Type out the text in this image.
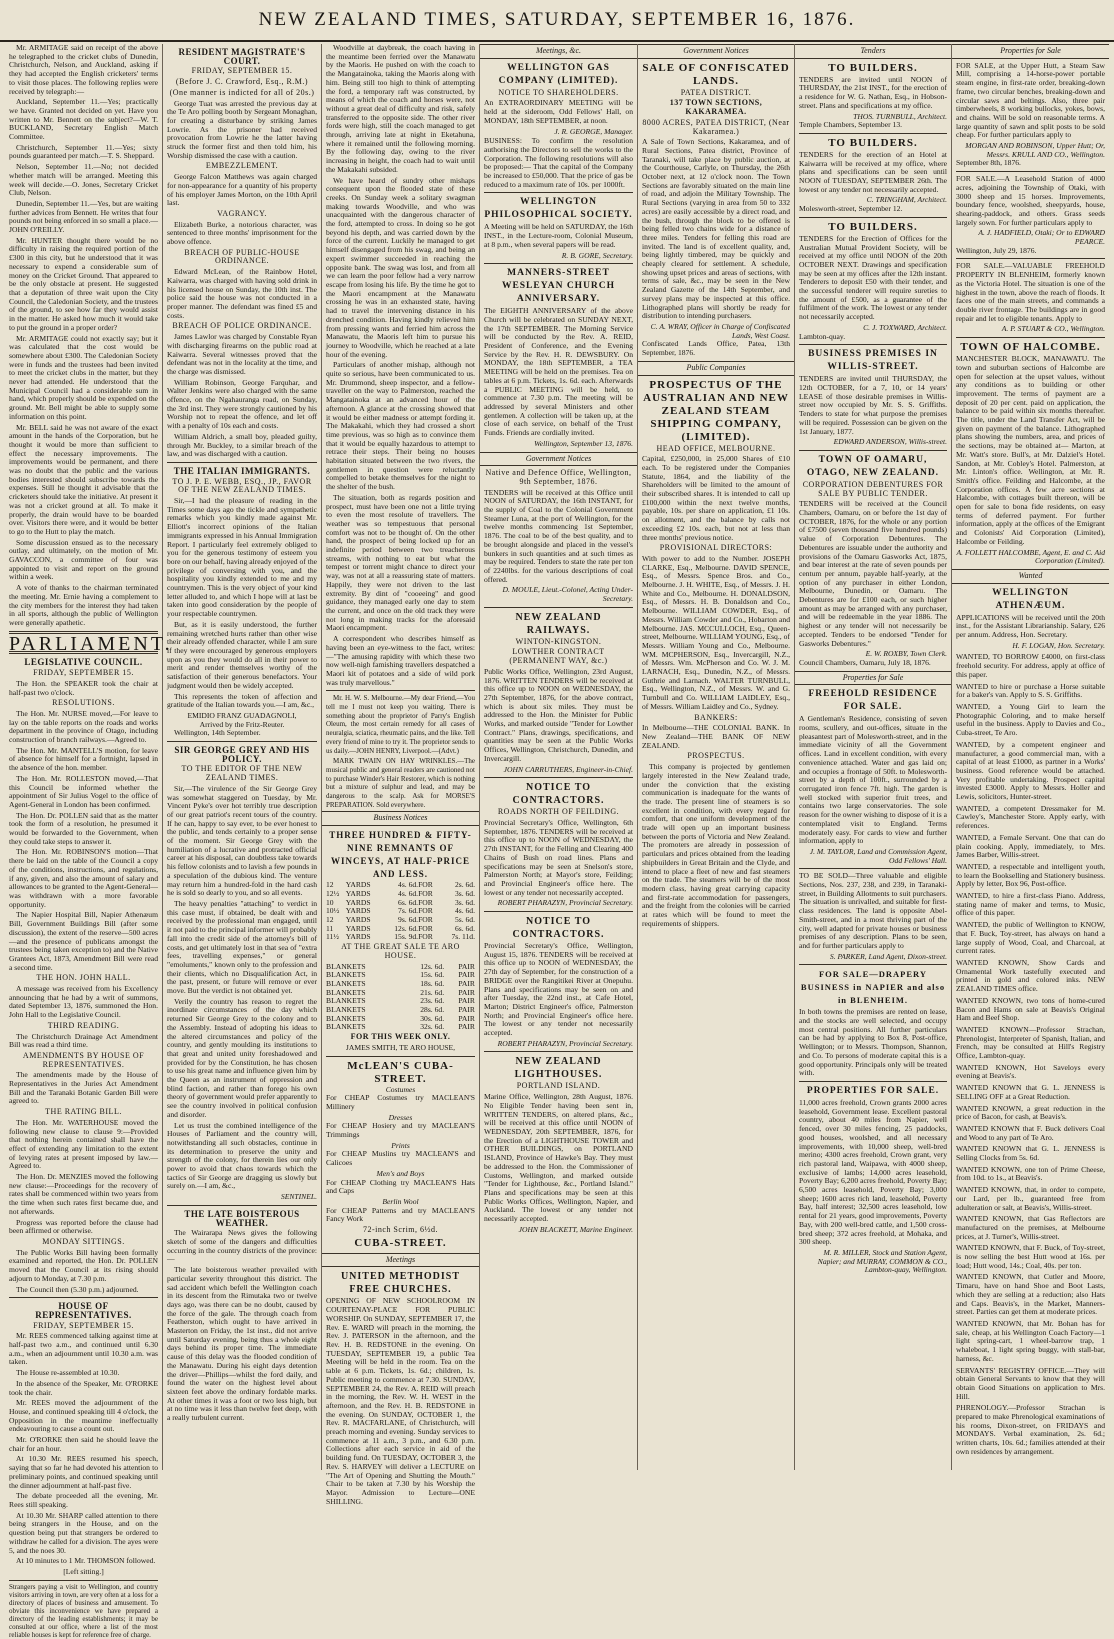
NEW ZEALAND TIMES, SATURDAY, SEPTEMBER 16, 1876.

Mr. ARMITAGE said on receipt of the above he telegraphed to the cricket clubs of Dunedin, Christchurch, Nelson, and Auckland, asking if they had accepted the English cricketers' terms to visit those places. The following replies were received by telegraph:—

Auckland, September 11.—Yes; practically we have. Granted not decided on yet. Have you written to Mr. Bennett on the subject?—W. T. BUCKLAND, Secretary English Match Committee.

Christchurch, September 11.—Yes; sixty pounds guaranteed per match.—T. S. Sheppard.

Nelson, September 11.—No; not decided whether match will be arranged. Meeting this week will decide.—O. Jones, Secretary Cricket Club, Nelson.

Dunedin, September 11.—Yes, but are waiting further advices from Bennett. He writes that four pounds not being enforced in so small a place.—JOHN O'REILLY.

Mr. HUNTER thought there would be no difficulty in raising the required portion of the £300 in this city, but he understood that it was necessary to expend a considerable sum of money on the Cricket Ground. That appeared to be the only obstacle at present. He suggested that a deputation of three wait upon the City Council, the Caledonian Society, and the trustees of the ground, to see how far they would assist in the matter. He asked how much it would take to put the ground in a proper order?

Mr. ARMITAGE could not exactly say; but it was calculated that the cost would be somewhere about £300. The Caledonian Society were in funds and the trustees had been invited to meet the cricket clubs in the matter, but they never had attended. He understood that the Municipal Council had a considerable sum in hand, which properly should be expended on the ground. Mr. Bell might be able to supply some information on this point.

Mr. BELL said he was not aware of the exact amount in the hands of the Corporation, but he thought it would be more than sufficient to effect the necessary improvements. The improvements would be permanent, and there was no doubt that the public and the various bodies interested should subscribe towards the expenses. Still he thought it advisable that the cricketers should take the initiative. At present it was not a cricket ground at all. To make it properly, the drain would have to be boarded over. Visitors there were, and it would be better to go to the Hutt to play the match.

Some discussion ensued as to the necessary outlay, and ultimately, on the motion of Mr. GAVACCON, a committee of four was appointed to visit and report on the ground within a week.

A vote of thanks to the chairman terminated the meeting. Mr. Ernie having a complement to the city members for the interest they had taken in all sports, although the public of Wellington were generally apathetic.

PARLIAMENT.
LEGISLATIVE COUNCIL.
FRIDAY, SEPTEMBER 15.

The Hon. the SPEAKER took the chair at half-past two o'clock.

RESOLUTIONS.

The Hon. Mr. NURSE moved,—For leave to lay on the table reports on the roads and works department in the province of Otago, including construction of branch railways.—Agreed to.

The Hon. Mr. MANTELL'S motion, for leave of absence for himself for a fortnight, lapsed in the absence of the hon. member.

The Hon. Mr. ROLLESTON moved,—That this Council be informed whether the appointment of Sir Julius Vogel to the office of Agent-General in London has been confirmed.

The Hon. Dr. POLLEN said that as the matter took the form of a resolution, he presumed it would be forwarded to the Government, when they could take steps to answer it.

The Hon. Mr. ROBINSON'S motion—That there be laid on the table of the Council a copy of the conditions, instructions, and regulations, if any, given, and also the amount of salary and allowances to be granted to the Agent-General—was withdrawn with a more favorable opportunity.

The Napier Hospital Bill, Napier Athenæum Bill, Government Buildings Bill (after some discussion), the extent of the reserve—500 acres—and the presence of publicans amongst the trustees being taken exception to) and the Native Grantees Act, 1873, Amendment Bill were read a second time.

THE HON. JOHN HALL.

A message was received from his Excellency announcing that he had by a writ of summons, dated September 13, 1876, summoned the Hon. John Hall to the Legislative Council.

THIRD READING.

The Christchurch Drainage Act Amendment Bill was read a third time.

AMENDMENTS BY HOUSE OF REPRESENTATIVES.

The amendments made by the House of Representatives in the Juries Act Amendment Bill and the Taranaki Botanic Garden Bill were agreed to.

THE RATING BILL.

The Hon. Mr. WATERHOUSE moved the following new clause to clause 9:—Provided that nothing herein contained shall have the effect of extending any limitation to the extent of levying rates at present imposed by law.—Agreed to.

The Hon. Dr. MENZIES moved the following new clause:—Proceedings for the recovery of rates shall be commenced within two years from the time when such rates first became due, and not afterwards.

Progress was reported before the clause had been affirmed or otherwise.

MONDAY SITTINGS.

The Public Works Bill having been formally examined and reported, the Hon. Dr. POLLEN moved that the Council at its rising should adjourn to Monday, at 7.30 p.m.

The Council then (5.30 p.m.) adjourned.

HOUSE OF REPRESENTATIVES.
FRIDAY, SEPTEMBER 15.

Mr. REES commenced talking against time at half-past two a.m., and continued until 6.30 a.m., when an adjournment until 10.30 a.m. was taken.

The House re-assembled at 10.30.

In the absence of the Speaker, Mr. O'RORKE took the chair.

Mr. REES moved the adjournment of the House, and continued speaking till 4 o'clock, the Opposition in the meantime ineffectually endeavouring to cause a count out.

Mr. O'RORKE then said he should leave the chair for an hour.

At 10.30 Mr. REES resumed his speech, saying that so far he had devoted his attention to preliminary points, and continued speaking until the dinner adjournment at half-past five.

The debate proceeded all the evening, Mr. Rees still speaking.

At 10.30 Mr. SHARP called attention to there being strangers in the House, and on the question being put that strangers be ordered to withdraw he called for a division. The ayes were 5, and the noes 30.

At 10 minutes to 1 Mr. THOMSON followed.

[Left sitting.]
Strangers paying a visit to Wellington, and country visitors arriving in town, are very often at a loss for a directory of places of business and amusement. To obviate this inconvenience we have prepared a directory of the leading establishments; it may be consulted at our office, where a list of the most reliable houses is kept for reference free of charge.
RESIDENT MAGISTRATE'S COURT.
FRIDAY, SEPTEMBER 15.
(Before J. C. Crawford, Esq., R.M.)
(One manner is indicted for all of 20s.)

George Tuat was arrested the previous day at the Te Aro polling booth by Sergeant Monaghan, for creating a disturbance by striking James Lowrie. As the prisoner had received provocation from Lowrie he the latter having struck the former first and then told him, his Worship dismissed the case with a caution.

EMBEZZLEMENT.

George Falcon Matthews was again charged for non-appearance for a quantity of his property of his employer James Morton, on the 10th April last.

VAGRANCY.

Elizabeth Burke, a notorious character, was sentenced to three months' imprisonment for the above offence.

BREACH OF PUBLIC-HOUSE ORDINANCE.

Edward McLean, of the Rainbow Hotel, Kaiwarra, was charged with having sold drink in his licensed house on Sunday, the 10th inst. The police said the house was not conducted in a proper manner. The defendant was fined £5 and costs.

BREACH OF POLICE ORDINANCE.

James Lawlor was charged by Constable Ryan with discharging firearms on the public road at Kaiwarra. Several witnesses proved that the defendant was not in the locality at the time, and the charge was dismissed.

William Robinson, George Farquhar, and Walter Jenkins were also charged with the same offence, on the Ngahauranga road, on Sunday, the 3rd inst. They were strongly cautioned by his Worship not to repeat the offence, and let off with a penalty of 10s each and costs.

William Aldrich, a small boy, pleaded guilty, through Mr. Buckley, to a similar breach of the law, and was discharged with a caution.

THE ITALIAN IMMIGRANTS.
TO J. P. E. WEBB, ESQ., JP., FAVOR OF THE NEW ZEALAND TIMES.

Sir,—I had the pleasure of reading in the Times some days ago the tickle and sympathetic remarks which you kindly made against Mr. Elliott's incorrect opinions of the Italian immigrants expressed in his Annual Immigration Report. I particularly feel extremely obliged to you for the generous testimony of esteem you bore on our behalf, having already enjoyed of the privilege of conversing with you, and the hospitality you kindly extended to me and my countrymen. This is the very object of your kind letter alluded to, and which I hope will at last be taken into good consideration by the people of your respectable countrymen.

But, as it is easily understood, the further remaining wretched hurts rather than other wise their already offended character, while I am sure if they were encouraged by generous employers upon as you they would do all in their power to merit and render themselves worthy of the satisfaction of their generous benefactors. Your judgment would then be widely accepted.

This represents the token of affection and gratitude of the Italian towards you.—I am, &c.,

EMIDIO FRANZ GUADAGNOLI,
Arrived by the Fritz-Reuter.

Wellington, 14th September.

SIR GEORGE GREY AND HIS POLICY.
TO THE EDITOR OF THE NEW ZEALAND TIMES.

Sir,—The virulence of the Sir George Grey was somewhat staggered on Tuesday, by Mr. Vincent Pyke's over hot terribly true description of our great patriot's recent tours of the country. If he can, happy to say ever, to be ever honest to the public, and tends certainly to a proper sense of the moment. Sir George Grey with the humiliation of a lucrative and protracted official career at his disposal, can doubtless take towards his fellow colonists and to lavish a few pounds in a speculation of the dubious kind. The venture may return him a hundred-fold in the hard cash he is sold so dearly to you, and so all events.

The heavy penalties "attaching" to verdict in this case must, if obtained, be dealt with and received by the professional man engaged, until it not paid to the principal informer will probably fall into the credit side of the attorney's bill of costs, and get ultimately lost in that sea of "extra fees, travelling expenses," or general "emoluments," known only to the profession and their clients, which no Disqualification Act, in the past, present, or future will remove or ever move. But the verdict is not obtained yet.

Verily the country has reason to regret the inordinate circumstances of the day which returned Sir George Grey to the colony and to the Assembly. Instead of adopting his ideas to the altered circumstances and policy of the country, and gently moulding its institutions to that great and united unity foreshadowed and provided for by the Constitution, he has chosen to use his great name and influence given him by the Queen as an instrument of oppression and blind faction, and rather than forego his own theory of government would prefer apparently to see the country involved in political confusion and disorder.

Let us trust the combined intelligence of the Houses of Parliament and the country will, notwithstanding all such obstacles, continue in its determination to preserve the unity and strength of the colony, for therein lies our only power to avoid that chaos towards which the tactics of Sir George are dragging us slowly but surely on.—I am, &c.,

SENTINEL.
THE LATE BOISTEROUS WEATHER.

The Wairarapa News gives the following sketch of some of the dangers and difficulties occurring in the country districts of the province:—

The late boisterous weather prevailed with particular severity throughout this district. The sad accident which befell the Wellington coach in its descent from the Rimutaka two or twelve days ago, was there can be no doubt, caused by the force of the gale. The through coach from Featherston, which ought to have arrived in Masterton on Friday, the 1st inst., did not arrive until Saturday evening, being thus a whole eight days behind its proper time. The immediate cause of this delay was the flooded condition of the Manawatu. During his eight days detention the driver—Phillips—whilst the ford daily, and found the water on the highest level about sixteen feet above the ordinary fordable marks. At other times it was a foot or two less high, but at no time was it less than twelve feet deep, with a really turbulent current.

Woodville at daybreak, the coach having in the meantime been ferried over the Manawatu by the Maoris. He pushed on with the coach to the Mangatainoka, taking the Maoris along with him. Being still too high to think of attempting the ford, a temporary raft was constructed, by means of which the coach and horses were, not without a great deal of difficulty and risk, safely transferred to the opposite side. The other river fords were high, still the coach managed to get through, arriving late at night in Eketahuna, where it remained until the following morning. By the following day, owing to the river increasing in height, the coach had to wait until the Makakahi subsided.

We have heard of sundry other mishaps consequent upon the flooded state of these creeks. On Sunday week a solitary swagman making towards Woodville, and who was unacquainted with the dangerous character of the ford, attempted to cross. In doing so he got beyond his depth, and was carried down by the force of the current. Luckily he managed to get himself disengaged from his swag, and being an expert swimmer succeeded in reaching the opposite bank. The swag was lost, and from all we can learn the poor fellow had a very narrow escape from losing his life. By the time he got to the Maori encampment at the Manawatu crossing he was in an exhausted state, having had to travel the intervening distance in his drenched condition. Having kindly relieved him from pressing wants and ferried him across the Manawatu, the Maoris left him to pursue his journey to Woodville, which he reached at a late hour of the evening.

Particulars of another mishap, although not quite so serious, have been communicated to us. Mr. Drummond, sheep inspector, and a fellow-traveller on the way to Palmerston, reached the Mangatainoka at an advanced hour of the afternoon. A glance at the crossing showed that it would be either madness or attempt fording it. The Makakahi, which they had crossed a short time previous, was so high as to convince them that it would be equally hazardous to attempt to retrace their steps. Their being no houses habitation situated between the two rivers, the gentlemen in question were reluctantly compelled to betake themselves for the night to the shelter of the bush.

The situation, both as regards position and prospect, must have been one not a little trying to even the most resolute of travellers. The weather was so tempestuous that personal comfort was not to be thought of. On the other hand, the prospect of being locked up for an indefinite period between two treacherous streams, with nothing to eat but what the tempest or torrent might chance to direct your way, was not at all a reassuring state of matters. Happily, they were not driven to the last extremity. By dint of "cooeeing" and good guidance, they managed early one day to stem the current, and once on the old track they were not long in making tracks for the aforesaid Maori encampment.

A correspondent who describes himself as having been an eye-witness to the fact, writes:—"The amusing rapidity with which these two now well-nigh famishing travellers despatched a Maori kit of potatoes and a side of wild pork was truly marvellous."

Mr. H. W. S. Melbourne.—My dear Friend,—You tell me I must not keep you waiting. There is something about the proprietor of Parry's English Oleum, the most certain remedy for all cases of neuralgia, sciatica, rheumatic pains, and the like. Tell every friend of mine to try it. The proprietor sends to us daily.—JOHN HENRY, Liverpool.—(Advt.)

MARK TWAIN ON HAY WRINKLES.—The musical public and general readers are cautioned not to purchase Winder's Hair Restorer, which is nothing but a mixture of sulphur and lead, and may be dangerous to the scalp. Ask for MORSE'S PREPARATION. Sold everywhere.

Business Notices
THREE HUNDRED & FIFTY-NINE REMNANTS OF WINCEYS, AT HALF-PRICE AND LESS.
12	YARDS	4s. 6d.	FOR	2s. 6d.
12½	YARDS	4s. 6d.	FOR	3s. 6d.
10	YARDS	6s. 6d.	FOR	3s. 6d.
10½	YARDS	7s. 6d.	FOR	4s. 6d.
12	YARDS	9s. 6d.	FOR	5s. 6d.
11	YARDS	12s. 6d.	FOR	6s. 6d.
11½	YARDS	15s. 9d.	FOR	7s. 11d.
AT THE GREAT SALE TE ARO HOUSE.
BLANKETS	12s. 6d.	PAIR
BLANKETS	15s. 6d.	PAIR
BLANKETS	18s. 6d.	PAIR
BLANKETS	21s. 6d.	PAIR
BLANKETS	23s. 6d.	PAIR
BLANKETS	28s. 6d.	PAIR
BLANKETS	30s. 6d.	PAIR
BLANKETS	32s. 6d.	PAIR
FOR THIS WEEK ONLY.
JAMES SMITH, TE ARO HOUSE,
McLEAN'S CUBA-STREET.
Costumes
For CHEAP Costumes try MACLEAN'S Millinery
Dresses
For CHEAP Hosiery and try MACLEAN'S Trimmings
Prints
For CHEAP Muslins try MACLEAN'S and Calicoes
Men's and Boys
For CHEAP Clothing try MACLEAN'S Hats and Caps
Berlin Wool
For CHEAP Patterns and try MACLEAN'S Fancy Work
72-inch Scrim, 6½d.
CUBA-STREET.
Meetings
UNITED METHODIST FREE CHURCHES.

OPENING OF NEW SCHOOLROOM IN COURTENAY-PLACE FOR PUBLIC WORSHIP. On SUNDAY, SEPTEMBER 17, the Rev. E. WARD will preach in the morning, the Rev. J. PATERSON in the afternoon, and the Rev. H. B. REDSTONE in the evening. On TUESDAY, SEPTEMBER 19, a public Tea Meeting will be held in the room. Tea on the table at 6 p.m. Tickets, 1s. 6d.; children, 1s. Public meeting to commence at 7.30. SUNDAY, SEPTEMBER 24, the Rev. A. REID will preach in the morning, the Rev. W. H. WEST in the afternoon, and the Rev. H. B. REDSTONE in the evening. On SUNDAY, OCTOBER 1, the Rev. R. MACFARLANE, of Christchurch, will preach morning and evening. Sunday services to commence at 11 a.m., 3 p.m., and 6.30 p.m. Collections after each service in aid of the building fund. On TUESDAY, OCTOBER 3, the Rev. S. HARVEY will deliver a LECTURE on "The Art of Opening and Shutting the Mouth." Chair to be taken at 7.30 by his Worship the Mayor. Admission to Lecture—ONE SHILLING.

Meetings, &c.
WELLINGTON GAS COMPANY (LIMITED).
NOTICE TO SHAREHOLDERS.

An EXTRAORDINARY MEETING will be held at the sideroom, Odd Fellows' Hall, on MONDAY, 18th SEPTEMBER, at noon.

J. R. GEORGE, Manager.

BUSINESS: To confirm the resolution authorising the Directors to sell the works to the Corporation. The following resolutions will also be proposed:— That the capital of the Company be increased to £50,000. That the price of gas be reduced to a maximum rate of 10s. per 1000ft.

WELLINGTON PHILOSOPHICAL SOCIETY.

A Meeting will be held on SATURDAY, the 16th INST., in the Lecture-room, Colonial Museum, at 8 p.m., when several papers will be read.

R. B. GORE, Secretary.
MANNERS-STREET WESLEYAN CHURCH ANNIVERSARY.

The EIGHTH ANNIVERSARY of the above Church will be celebrated on SUNDAY NEXT, the 17th SEPTEMBER. The Morning Service will be conducted by the Rev. A. REID, President of Conference, and the Evening Service by the Rev. H. R. DEWSBURY. On MONDAY, the 18th SEPTEMBER, a TEA MEETING will be held on the premises. Tea on tables at 6 p.m. Tickets, 1s. 6d. each. Afterwards a PUBLIC MEETING will be held, to commence at 7.30 p.m. The meeting will be addressed by several Ministers and other gentlemen. A collection will be taken up, at the close of each service, on behalf of the Trust Funds. Friends are cordially invited.

Wellington, September 13, 1876.
Government Notices
Native and Defence Office, Wellington, 9th September, 1876.

TENDERS will be received at this Office until NOON of SATURDAY, the 16th INSTANT, for the supply of Coal to the Colonial Government Steamer Luna, at the port of Wellington, for the twelve months commencing 1st September, 1876. The coal to be of the best quality, and to be brought alongside and placed in the vessel's bunkers in such quantities and at such times as may be required. Tenders to state the rate per ton of 2240lbs. for the various descriptions of coal offered.

D. MOULE, Lieut.-Colonel, Acting Under-Secretary.
NEW ZEALAND RAILWAYS.
WINTON-KINGSTON.
LOWTHER CONTRACT (PERMANENT WAY, &c.)

Public Works Office, Wellington, 23rd August, 1876. WRITTEN TENDERS will be received at this office up to NOON on WEDNESDAY, the 27th September, 1876, for the above contract, which is about six miles. They must be addressed to the Hon. the Minister for Public Works, and marked outside "Tender for Lowther Contract." Plans, drawings, specifications, and quantities may be seen at the Public Works Offices, Wellington, Christchurch, Dunedin, and Invercargill.

JOHN CARRUTHERS, Engineer-in-Chief.
NOTICE TO CONTRACTORS.
ROADS NORTH OF FEILDING.

Provincial Secretary's Office, Wellington, 6th September, 1876. TENDERS will be received at this office up to NOON of WEDNESDAY, the 27th INSTANT, for the Felling and Clearing 400 Chains of Bush on road lines. Plans and specifications may be seen at Snelson's store, Palmerston North; at Mayor's store, Feilding; and Provincial Engineer's office here. The lowest or any tender not necessarily accepted.

ROBERT PHARAZYN, Provincial Secretary.
NOTICE TO CONTRACTORS.

Provincial Secretary's Office, Wellington, August 15, 1876. TENDERS will be received at this office up to NOON of WEDNESDAY, the 27th day of September, for the construction of a BRIDGE over the Rangitikei River at Onepuhu. Plans and specifications may be seen on and after Tuesday, the 22nd inst., at Cafe Hotel, Marton; District Engineer's office, Palmerston North; and Provincial Engineer's office here. The lowest or any tender not necessarily accepted.

ROBERT PHARAZYN, Provincial Secretary.
NEW ZEALAND LIGHTHOUSES.
PORTLAND ISLAND.

Marine Office, Wellington, 28th August, 1876. No Eligible Tender having been sent in, WRITTEN TENDERS, on altered plans, &c., will be received at this office until NOON of WEDNESDAY, 20th SEPTEMBER, 1876, for the Erection of a LIGHTHOUSE TOWER and OTHER BUILDINGS, on PORTLAND ISLAND, Province of Hawke's Bay. They must be addressed to the Hon. the Commissioner of Customs, Wellington, and marked outside "Tender for Lighthouse, &c., Portland Island." Plans and specifications may be seen at this Public Works Offices, Wellington, Napier, and Auckland. The lowest or any tender not necessarily accepted.

JOHN BLACKETT, Marine Engineer.
Government Notices
SALE OF CONFISCATED LANDS.
PATEA DISTRICT.
137 TOWN SECTIONS, KAKARAMEA.
8000 ACRES, PATEA DISTRICT, (Near Kakaramea.)

A Sale of Town Sections, Kakaramea, and of Rural Sections, Patea district, Province of Taranaki, will take place by public auction, at the Courthouse, Carlyle, on Thursday, the 26th October next, at 12 o'clock noon. The Town Sections are favorably situated on the main line of road, and adjoin the Military Township. The Rural Sections (varying in area from 50 to 332 acres) are easily accessible by a direct road, and the bush, through the block to be offered is being felled two chains wide for a distance of three miles. Tenders for felling this road are invited. The land is of excellent quality, and, being lightly timbered, may be quickly and cheaply cleared for settlement. A schedule, showing upset prices and areas of sections, with terms of sale, &c., may be seen in the New Zealand Gazette of the 14th September, and survey plans may be inspected at this office. Lithographed plans will shortly be ready for distribution to intending purchasers.

C. A. WRAY, Officer in Charge of Confiscated Lands, West Coast.
Confiscated Lands Office, Patea, 13th September, 1876.
Public Companies
PROSPECTUS OF THE AUSTRALIAN AND NEW ZEALAND STEAM SHIPPING COMPANY, (LIMITED).
HEAD OFFICE, MELBOURNE.

Capital, £250,000, in 25,000 Shares of £10 each. To be registered under the Companies Statute, 1864, and the liability of the Shareholders will be limited to the amount of their subscribed shares. It is intended to call up £100,000 within the next twelve months, payable, 10s. per share on application, £1 10s. on allotment, and the balance by calls not exceeding £2 10s. each, but not at less than three months' previous notice.

PROVISIONAL DIRECTORS:

With power to add to the Number. JOSEPH CLARKE, Esq., Melbourne. DAVID SPENCE, Esq., of Messrs. Spence Bros. and Co., Melbourne. J. H. WHITE, Esq., of Messrs. J. H. White and Co., Melbourne. H. DONALDSON, Esq., of Messrs. H. B. Donaldson and Co., Melbourne. WILLIAM COWDER, Esq., of Messrs. William Cowder and Co., Hobarton and Melbourne. JAS. MCCULLOCH, Esq., Queen-street, Melbourne. WILLIAM YOUNG, Esq., of Messrs. William Young and Co., Melbourne. WM. MCPHERSON, Esq., Invercargill, N.Z., of Messrs. Wm. McPherson and Co. W. J. M. LARNACH, Esq., Dunedin, N.Z., of Messrs. Guthrie and Larnach. WALTER TURNBULL, Esq., Wellington, N.Z., of Messrs. W. and G. Turnbull and Co. WILLIAM LAIDLEY, Esq., of Messrs. William Laidley and Co., Sydney.

BANKERS:

In Melbourne—THE COLONIAL BANK. In New Zealand—THE BANK OF NEW ZEALAND.

PROSPECTUS.

This company is projected by gentlemen largely interested in the New Zealand trade, under the conviction that the existing communication is inadequate for the wants of the trade. The present line of steamers is so excellent in condition, with every regard for comfort, that one uniform development of the trade will open up an important business between the ports of Victoria and New Zealand. The promoters are already in possession of particulars and prices obtained from the leading shipbuilders in Great Britain and the Clyde, and intend to place a fleet of new and fast steamers on the trade. The steamers will be of the most modern class, having great carrying capacity and first-rate accommodation for passengers, and the freight from the colonies will be carried at rates which will be found to meet the requirements of shippers.

Tenders
TO BUILDERS.

TENDERS are invited until NOON of THURSDAY, the 21st INST., for the erection of a residence for W. G. Nathan, Esq., in Hobson-street. Plans and specifications at my office.

THOS. TURNBULL, Architect.
Temple Chambers, September 13.
TO BUILDERS.

TENDERS for the erection of an Hotel at Kaiwarra will be received at my office, where plans and specifications can be seen until NOON of TUESDAY, SEPTEMBER 26th. The lowest or any tender not necessarily accepted.

C. TRINGHAM, Architect.
Molesworth-street, September 12.
TO BUILDERS.

TENDERS for the Erection of Offices for the Australian Mutual Provident Society, will be received at my office until NOON of the 20th OCTOBER NEXT. Drawings and specification may be seen at my offices after the 12th instant. Tenderers to deposit £50 with their tender, and the successful tenderer will require sureties to the amount of £500, as a guarantee of the fulfilment of the work. The lowest or any tender not necessarily accepted.

C. J. TOXWARD, Architect.
Lambton-quay.
BUSINESS PREMISES IN WILLIS-STREET.

TENDERS are invited until THURSDAY, the 12th OCTOBER, for a 7, 10, or 14 years' LEASE of those desirable premises in Willis-street now occupied by Mr. S. S. Griffiths. Tenders to state for what purpose the premises will be required. Possession can be given on the 1st January, 1877.

EDWARD ANDERSON, Willis-street.
TOWN OF OAMARU, OTAGO, NEW ZEALAND.
CORPORATION DEBENTURES FOR SALE BY PUBLIC TENDER.

TENDERS will be received at the Council Chambers, Oamaru, on or before the 1st day of OCTOBER, 1876, for the whole or any portion of £7500 (seven thousand five hundred pounds) value of Corporation Debentures. The Debentures are issuable under the authority and provisions of the Oamaru Gasworks Act, 1875, and bear interest at the rate of seven pounds per centum per annum, payable half-yearly, at the option of any purchaser in either London, Melbourne, Dunedin, or Oamaru. The Debentures are for £100 each, or such higher amount as may be arranged with any purchaser, and will be redeemable in the year 1886. The highest or any tender will not necessarily be accepted. Tenders to be endorsed "Tender for Gasworks Debentures."

E. W. ROXBY, Town Clerk.
Council Chambers, Oamaru, July 18, 1876.
Properties for Sale
FREEHOLD RESIDENCE FOR SALE.

A Gentleman's Residence, consisting of seven rooms, scullery, and out-offices, situate in the pleasantest part of Molesworth-street, and in the immediate vicinity of all the Government offices. Land in excellent condition, with every convenience attached. Water and gas laid on; and occupies a frontage of 50ft. to Molesworth-street by a depth of 100ft., surrounded by a corrugated iron fence 7ft. high. The garden is well stocked with superior fruit trees, and contains two large conservatories. The sole reason for the owner wishing to dispose of it is a contemplated visit to England. Terms moderately easy. For cards to view and further information, apply to

J. M. TAYLOR, Land and Commission Agent, Odd Fellows' Hall.

TO BE SOLD—Three valuable and eligible Sections, Nos. 237, 238, and 239, in Taranaki-street, in Building Allotments to suit purchasers. The situation is unrivalled, and suitable for first-class residences. The land is opposite Abel-Smith-street, and in a most thriving part of the city, well adapted for private houses or business premises of any description. Plans to be seen, and for further particulars apply to

S. PARKER, Land Agent, Dixon-street.
FOR SALE—DRAPERY BUSINESS in NAPIER and also in BLENHEIM.

In both towns the premises are rented on lease, and the stocks are well selected, and occupy most central positions. All further particulars can be had by applying to Box 8, Post-office, Wellington; or to Messrs. Thompson, Shannon, and Co. To persons of moderate capital this is a good opportunity. Principals only will be treated with.

PROPERTIES FOR SALE.

11,000 acres freehold, Crown grants 2000 acres leasehold, Government lease. Excellent pastoral country, about 40 miles from Napier, well fenced, over 30 miles fencing, 25 paddocks, good houses, woolshed, and all necessary improvements, with 10,000 sheep, well-bred merino; 4300 acres freehold, Crown grant, very rich pastoral land, Waipawa, with 4000 sheep, exclusive of lambs; 14,000 acres leasehold, Poverty Bay; 6,200 acres freehold, Poverty Bay; 6,500 acres leasehold, Poverty Bay; 3,000 sheep; 1600 acres rich land, leasehold, Poverty Bay, half interest; 32,500 acres leasehold, low rental for 21 years, good improvements, Poverty Bay, with 200 well-bred cattle, and 1,500 cross-bred sheep; 372 acres freehold, at Mohaka, and 300 sheep.

M. R. MILLER, Stock and Station Agent, Napier; and MURRAY, COMMON & CO., Lambton-quay, Wellington.
Properties for Sale

FOR SALE, at the Upper Hutt, a Steam Saw Mill, comprising a 14-horse-power portable steam engine, in first-rate order, breaking-down frame, two circular benches, breaking-down and circular saws and beltings. Also, three pair timberwheels, 8 working bullocks, yokes, bows, and chains. Will be sold on reasonable terms. A large quantity of sawn and split posts to be sold cheap. For further particulars apply to

MORGAN AND ROBINSON, Upper Hutt; Or, Messrs. KRULL AND CO., Wellington.
September 8th, 1876.

FOR SALE.—A Leasehold Station of 4000 acres, adjoining the Township of Otaki, with 3000 sheep and 15 horses. Improvements, boundary fence, woolshed, sheepyards, house, shearing-paddock, and others. Grass seeds largely sown. For further particulars apply to

A. J. HADFIELD, Otaki; Or to EDWARD PEARCE.
Wellington, July 29, 1876.

FOR SALE.—VALUABLE FREEHOLD PROPERTY IN BLENHEIM, formerly known as the Victoria Hotel. The situation is one of the highest in the town, above the reach of floods. It faces one of the main streets, and commands a double river frontage. The buildings are in good repair and let to eligible tenants. Apply to

A. P. STUART & CO., Wellington.
TOWN OF HALCOMBE.

MANCHESTER BLOCK, MANAWATU. The town and suburban sections of Halcombe are open for selection at the upset values, without any conditions as to building or other improvement. The terms of payment are a deposit of 20 per cent. paid on application, the balance to be paid within six months thereafter. The title, under the Land Transfer Act, will be given on payment of the balance. Lithographed plans showing the numbers, area, and prices of the sections, may be obtained at— Marton, at Mr. Watt's store. Bull's, at Mr. Dalziel's Hotel. Sandon, at Mr. Cobley's Hotel. Palmerston, at Mr. Linton's office. Wellington, at Mr. R. Smith's office. Feilding and Halcombe, at the Corporation offices. A few acre sections at Halcombe, with cottages built thereon, will be open for sale to bona fide residents, on easy terms of deferred payment. For further information, apply at the offices of the Emigrant and Colonists' Aid Corporation (Limited), Halcombe or Feilding.

A. FOLLETT HALCOMBE, Agent, E. and C. Aid Corporation (Limited).
Wanted
WELLINGTON ATHENÆUM.

APPLICATIONS will be received until the 20th inst., for the Assistant Librarianship. Salary, £26 per annum. Address, Hon. Secretary.

H. F. LOGAN, Hon. Secretary.

WANTED, TO BORROW £4000, on first-class freehold security. For address, apply at office of this paper.

WANTED to hire or purchase a Horse suitable for a baker's van. Apply to S. S. Griffiths.

WANTED, a Young Girl to learn the Photographic Coloring, and to make herself useful in the business. Apply to Davies and Co., Cuba-street, Te Aro.

WANTED, by a competent engineer and manufacturer, a good commercial man, with a capital of at least £1000, as partner in a Works' business. Good reference would be attached. Very profitable undertaking. Prospect capital invested £3000. Apply to Messrs. Holler and Lewis, solicitors, Hunter-street.

WANTED, a competent Dressmaker for M. Cawley's, Manchester Store. Apply early, with references.

WANTED, a Female Servant. One that can do plain cooking. Apply, immediately, to Mrs. James Barber, Willis-street.

WANTED, a respectable and intelligent youth, to learn the Bookselling and Stationery business. Apply by letter, Box 96, Post-office.

WANTED, to hire a first-class Piano. Address, stating name of maker and terms, to Music, office of this paper.

WANTED, the public of Wellington to KNOW, that F. Buck, Toy-street, has always on hand a large supply of Wood, Coal, and Charcoal, at current rates.

WANTED KNOWN, Show Cards and Ornamental Work tastefully executed and printed in gold and colored inks. NEW ZEALAND TIMES office.

WANTED KNOWN, two tons of home-cured Bacon and Hams on sale at Beavis's Original Ham and Beef Shop.

WANTED KNOWN—Professor Strachan, Phrenologist, Interpreter of Spanish, Italian, and French, may be consulted at Hill's Registry Office, Lambton-quay.

WANTED KNOWN, Hot Saveloys every evening at Beavis's.

WANTED KNOWN that G. L. JENNESS is SELLING OFF at a Great Reduction.

WANTED KNOWN, a great reduction in the price of Bacon, for cash, at Beavis's.

WANTED KNOWN that F. Buck delivers Coal and Wood to any part of Te Aro.

WANTED KNOWN that G. L. JENNESS is Selling Clocks from 5s. 6d.

WANTED KNOWN, one ton of Prime Cheese, from 10d. to 1s., at Beavis's.

WANTED KNOWN, that, in order to compete, our Lard, per lb., guaranteed free from adulteration or salt, at Beavis's, Willis-street.

WANTED KNOWN, that Gas Reflectors are manufactured on the premises, at Melbourne prices, at J. Turner's, Willis-street.

WANTED KNOWN, that F. Buck, of Toy-street, is now selling the best Hutt wood at 16s. per load; Hutt wood, 14s.; Coal, 40s. per ton.

WANTED KNOWN, that Cutler and Moore, Timaru, have on hand Shoe and Boot Lasts, which they are selling at a reduction; also Hats and Caps. Beavis's, in the Market, Manners-street. Parties can get them at moderate prices.

WANTED KNOWN, that Mr. Bohan has for sale, cheap, at his Wellington Coach Factory—1 light spring-cart, 1 wheel-barrow trap, 1 whaleboat, 1 light spring buggy, with stall-bar, harness, &c.

SERVANTS' REGISTRY OFFICE.—They will obtain General Servants to know that they will obtain Good Situations on application to Mrs. Hill.

PHRENOLOGY.—Professor Strachan is prepared to make Phrenological examinations of his rooms, Dixon-street, on FRIDAYS and MONDAYS. Verbal examination, 2s. 6d.; written charts, 10s. 6d.; families attended at their own residences by arrangement.
